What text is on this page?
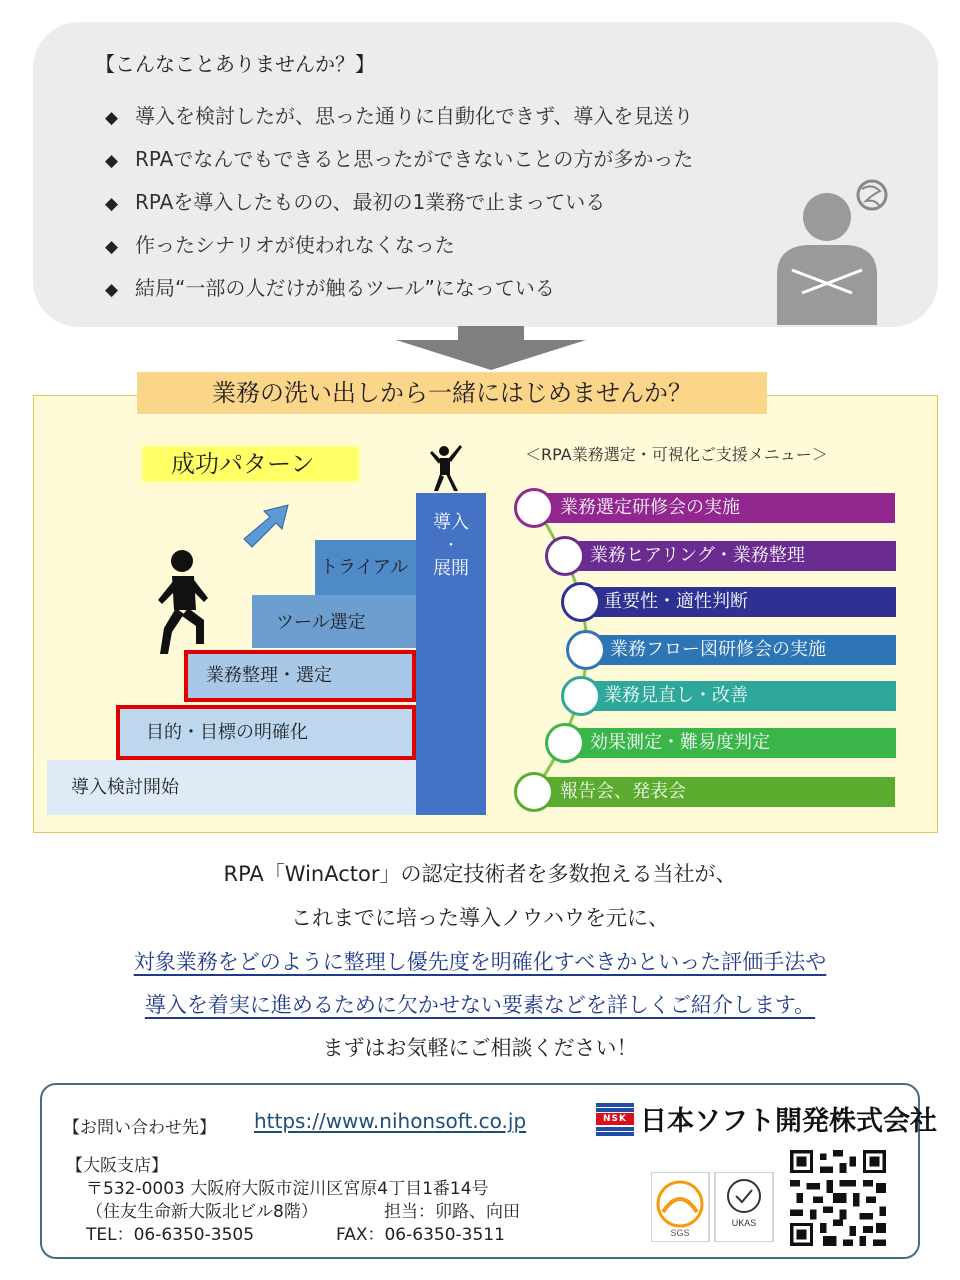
【こんなことありませんか？】
◆ 導入を検討したが、思った通りに自動化できず、導入を見送り
◆ RPAでなんでもできると思ったができないことの方が多かった
◆ RPAを導入したものの、最初の1業務で止まっている
◆ 作ったシナリオが使われなくなった
◆ 結局“一部の人だけが触るツール”になっている
業務の洗い出しから一緒にはじめませんか？
成功パターン
導入検討開始
目的・目標の明確化
業務整理・選定
ツール選定
トライアル
導入
・
展開
＜RPA業務選定・可視化ご支援メニュー＞
業務選定研修会の実施
業務ヒアリング・業務整理
重要性・適性判断
業務フロー図研修会の実施
業務見直し・改善
効果測定・難易度判定
報告会、発表会
RPA「WinActor」の認定技術者を多数抱える当社が、
これまでに培った導入ノウハウを元に、
対象業務をどのように整理し優先度を明確化すべきかといった評価手法や
導入を着実に進めるために欠かせない要素などを詳しくご紹介します。
まずはお気軽にご相談ください！
【お問い合わせ先】 https://www.nihonsoft.co.jp	NSK 日本ソフト開発株式会社
【大阪支店】
〒532-0003 大阪府大阪市淀川区宮原4丁目1番14号
（住友生命新大阪北ビル8階）	担当：卯路、向田
TEL：06-6350-3505	FAX：06-6350-3511	SGS
UKAS
